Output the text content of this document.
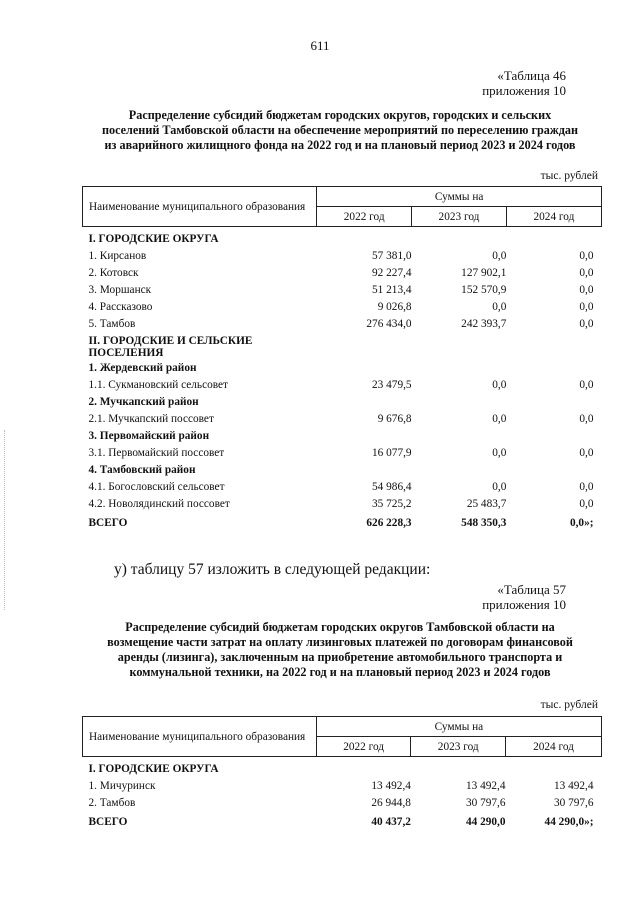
611
«Таблица 46
приложения 10
Распределение субсидий бюджетам городских округов, городских и сельских поселений Тамбовской области на обеспечение мероприятий по переселению граждан из аварийного жилищного фонда на 2022 год и на плановый период 2023 и 2024 годов
тыс. рублей
Наименование муниципального образования	Суммы на		
	2022 год	2023 год	2024 год
I. ГОРОДСКИЕ ОКРУГА			
1. Кирсанов	57 381,0	0,0	0,0
2. Котовск	92 227,4	127 902,1	0,0
3. Моршанск	51 213,4	152 570,9	0,0
4. Рассказово	9 026,8	0,0	0,0
5. Тамбов	276 434,0	242 393,7	0,0
II. ГОРОДСКИЕ И СЕЛЬСКИЕ ПОСЕЛЕНИЯ			
1. Жердевский район			
1.1. Сукмановский сельсовет	23 479,5	0,0	0,0
2. Мучкапский район			
2.1. Мучкапский поссовет	9 676,8	0,0	0,0
3. Первомайский район			
3.1. Первомайский поссовет	16 077,9	0,0	0,0
4. Тамбовский район			
4.1. Богословский сельсовет	54 986,4	0,0	0,0
4.2. Новолядинский поссовет	35 725,2	25 483,7	0,0
ВСЕГО	626 228,3	548 350,3	0,0»;
у) таблицу 57 изложить в следующей редакции:
«Таблица 57
приложения 10
Распределение субсидий бюджетам городских округов Тамбовской области на возмещение части затрат на оплату лизинговых платежей по договорам финансовой аренды (лизинга), заключенным на приобретение автомобильного транспорта и коммунальной техники, на 2022 год и на плановый период 2023 и 2024 годов
тыс. рублей
Наименование муниципального образования	Суммы на		
	2022 год	2023 год	2024 год
I. ГОРОДСКИЕ ОКРУГА			
1. Мичуринск	13 492,4	13 492,4	13 492,4
2. Тамбов	26 944,8	30 797,6	30 797,6
ВСЕГО	40 437,2	44 290,0	44 290,0»;
